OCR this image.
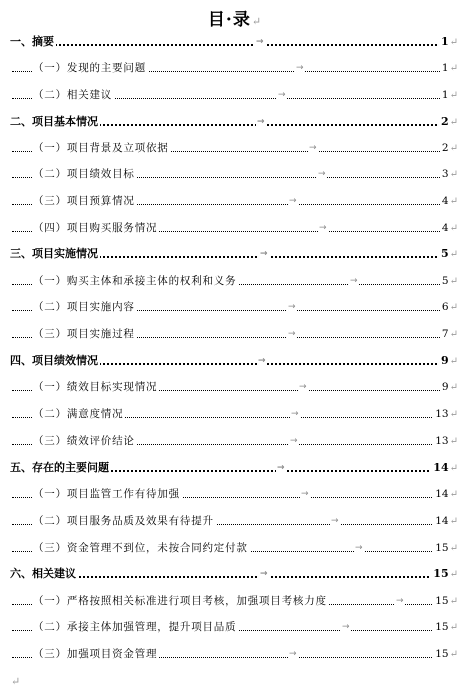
目·录↵
一、摘要	→	1↵
（一）发现的主要问题	→	1↵
（二）相关建议	→	1↵
二、项目基本情况	→	2↵
（一）项目背景及立项依据	→	2↵
（二）项目绩效目标	→	3↵
（三）项目预算情况	→	4↵
（四）项目购买服务情况	→	4↵
三、项目实施情况	→	5↵
（一）购买主体和承接主体的权利和义务	→	5↵
（二）项目实施内容	→	6↵
（三）项目实施过程	→	7↵
四、项目绩效情况	→	9↵
（一）绩效目标实现情况	→	9↵
（二）满意度情况	→	13↵
（三）绩效评价结论	→	13↵
五、存在的主要问题	→	14↵
（一）项目监管工作有待加强	→	14↵
（二）项目服务品质及效果有待提升	→	14↵
（三）资金管理不到位，未按合同约定付款	→	15↵
六、相关建议	→	15↵
（一）严格按照相关标准进行项目考核，加强项目考核力度	→	15↵
（二）承接主体加强管理，提升项目品质	→	15↵
（三）加强项目资金管理	→	15↵
↵
